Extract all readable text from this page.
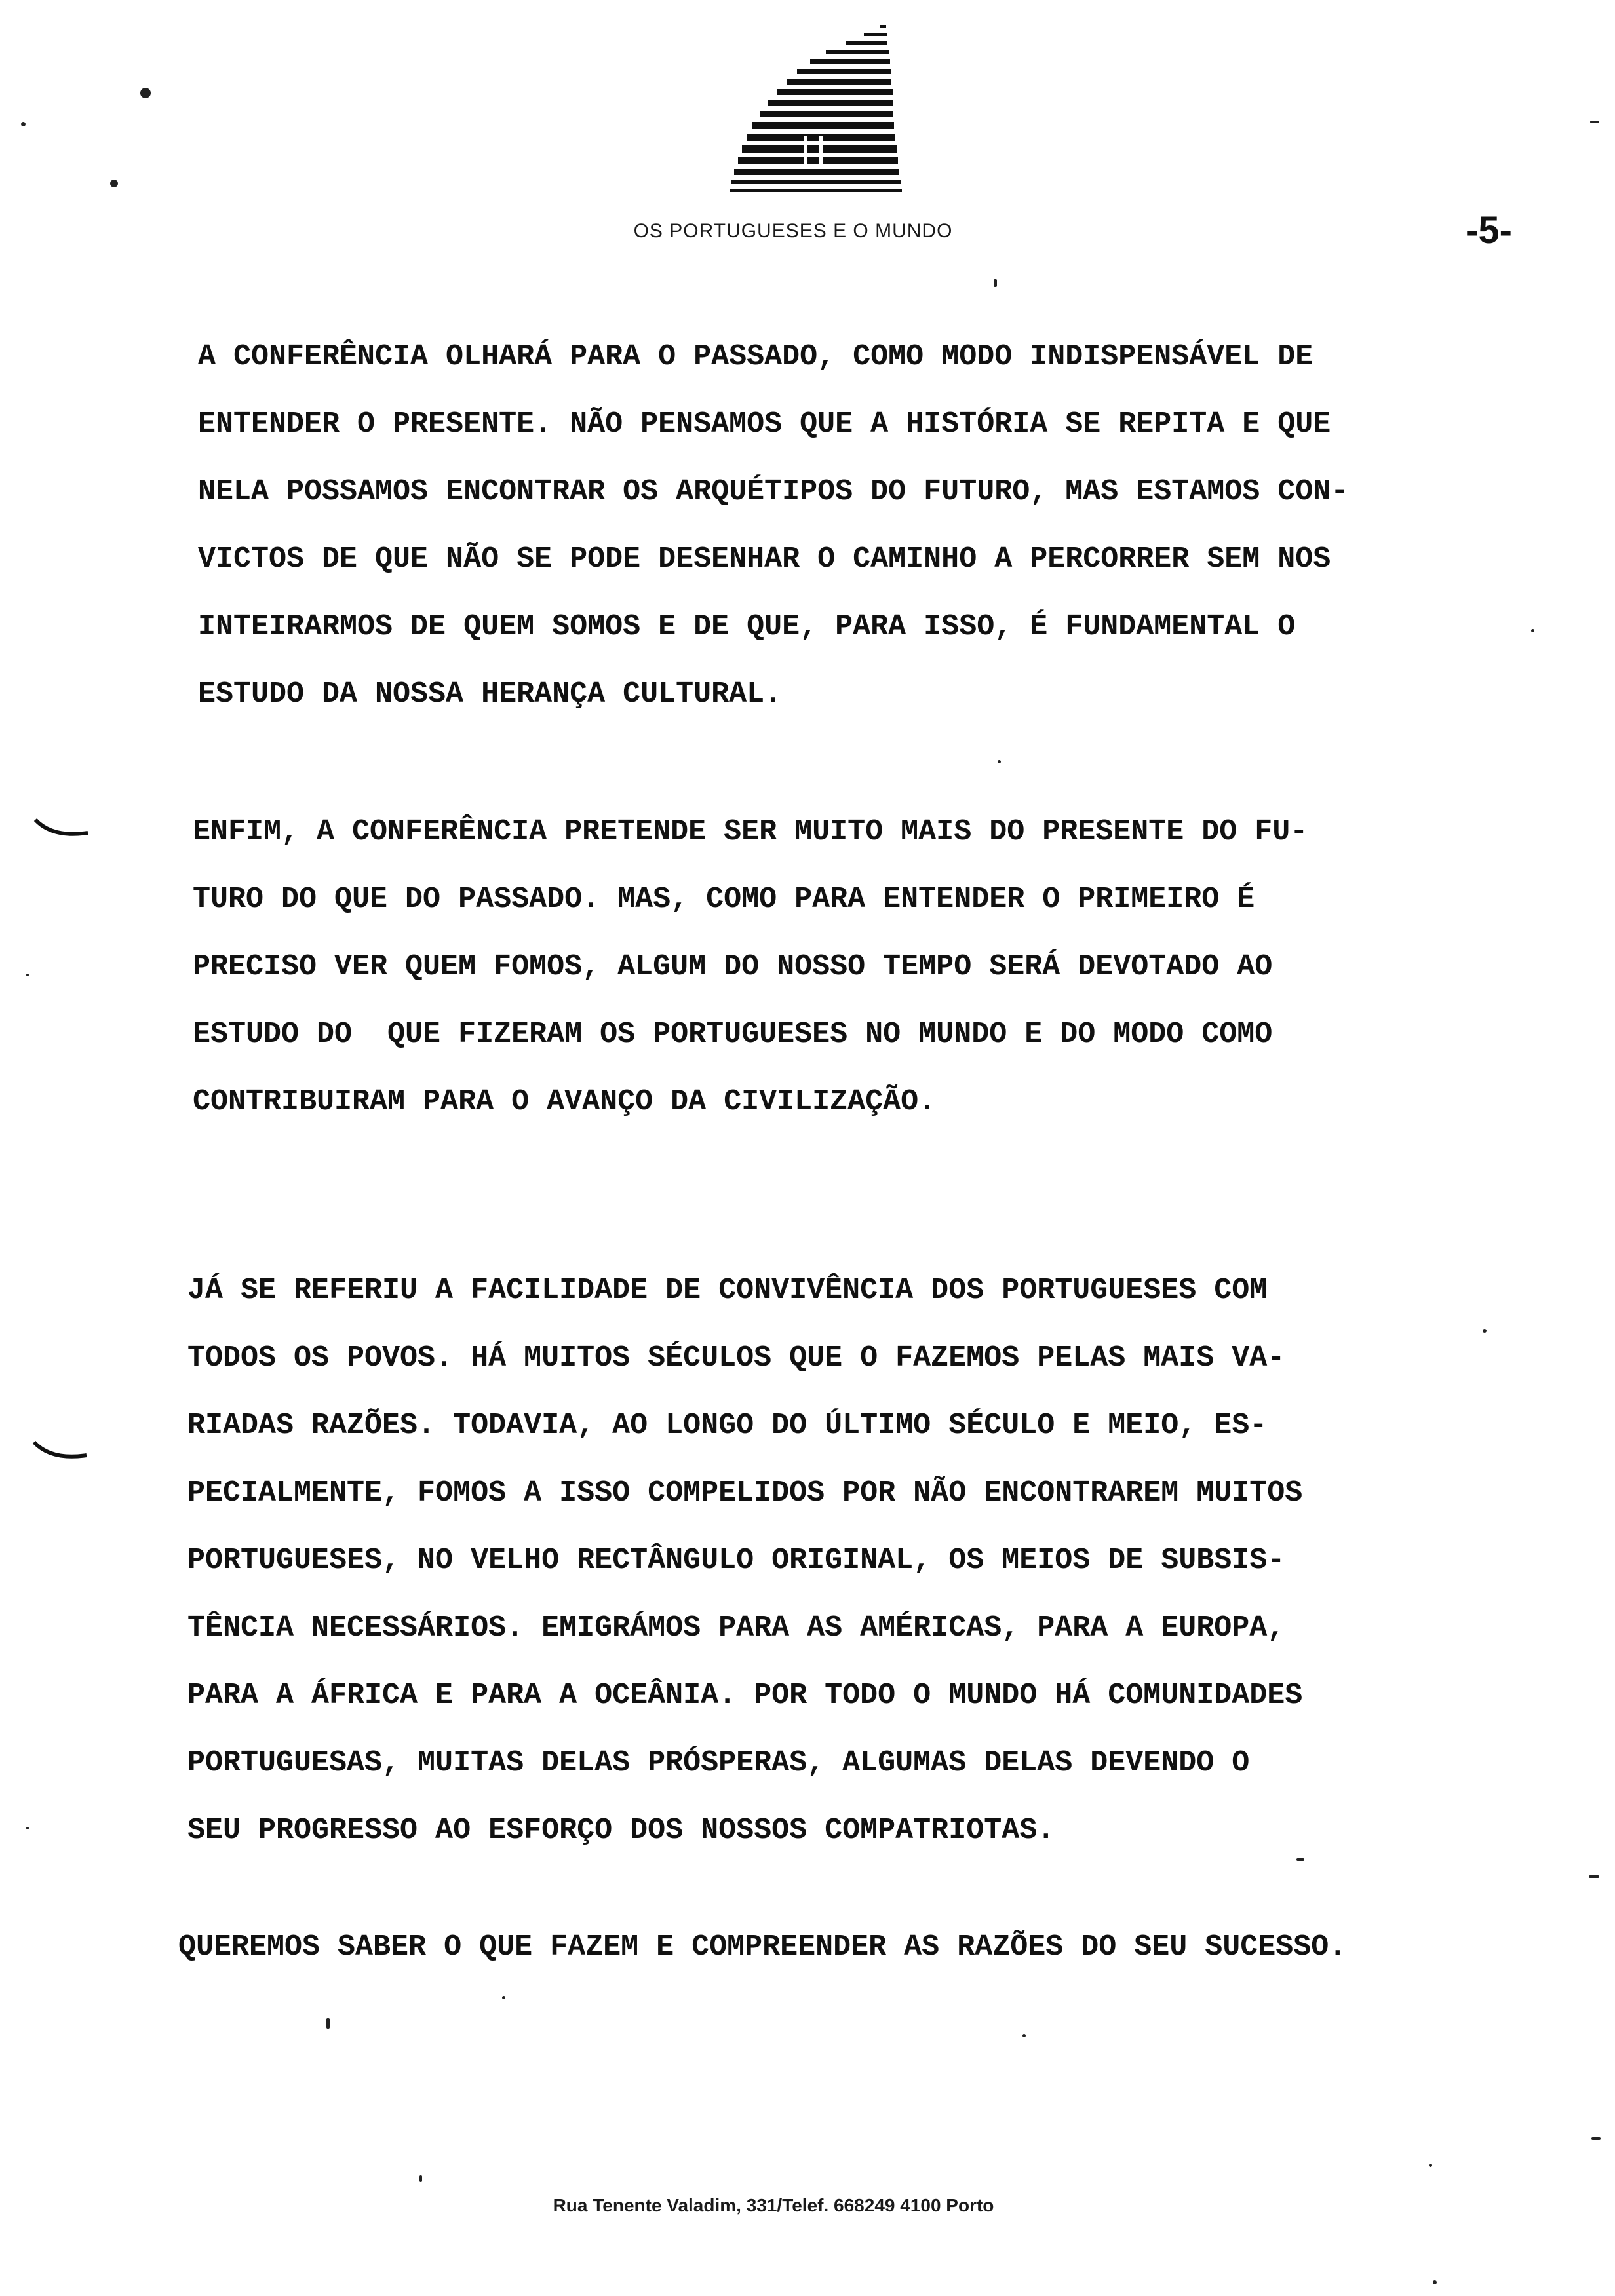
OS PORTUGUESES E O MUNDO	-5-
A CONFERÊNCIA OLHARÁ PARA O PASSADO, COMO MODO INDISPENSÁVEL DE
ENTENDER O PRESENTE. NÃO PENSAMOS QUE A HISTÓRIA SE REPITA E QUE
NELA POSSAMOS ENCONTRAR OS ARQUÉTIPOS DO FUTURO, MAS ESTAMOS CON-
VICTOS DE QUE NÃO SE PODE DESENHAR O CAMINHO A PERCORRER SEM NOS
INTEIRARMOS DE QUEM SOMOS E DE QUE, PARA ISSO, É FUNDAMENTAL O
ESTUDO DA NOSSA HERANÇA CULTURAL.
ENFIM, A CONFERÊNCIA PRETENDE SER MUITO MAIS DO PRESENTE DO FU-
TURO DO QUE DO PASSADO. MAS, COMO PARA ENTENDER O PRIMEIRO É
PRECISO VER QUEM FOMOS, ALGUM DO NOSSO TEMPO SERÁ DEVOTADO AO
ESTUDO DO  QUE FIZERAM OS PORTUGUESES NO MUNDO E DO MODO COMO
CONTRIBUIRAM PARA O AVANÇO DA CIVILIZAÇÃO.
JÁ SE REFERIU A FACILIDADE DE CONVIVÊNCIA DOS PORTUGUESES COM
TODOS OS POVOS. HÁ MUITOS SÉCULOS QUE O FAZEMOS PELAS MAIS VA-
RIADAS RAZÕES. TODAVIA, AO LONGO DO ÚLTIMO SÉCULO E MEIO, ES-
PECIALMENTE, FOMOS A ISSO COMPELIDOS POR NÃO ENCONTRAREM MUITOS
PORTUGUESES, NO VELHO RECTÂNGULO ORIGINAL, OS MEIOS DE SUBSIS-
TÊNCIA NECESSÁRIOS. EMIGRÁMOS PARA AS AMÉRICAS, PARA A EUROPA,
PARA A ÁFRICA E PARA A OCEÂNIA. POR TODO O MUNDO HÁ COMUNIDADES
PORTUGUESAS, MUITAS DELAS PRÓSPERAS, ALGUMAS DELAS DEVENDO O
SEU PROGRESSO AO ESFORÇO DOS NOSSOS COMPATRIOTAS.
QUEREMOS SABER O QUE FAZEM E COMPREENDER AS RAZÕES DO SEU SUCESSO.
Rua Tenente Valadim, 331/Telef. 668249 4100 Porto
